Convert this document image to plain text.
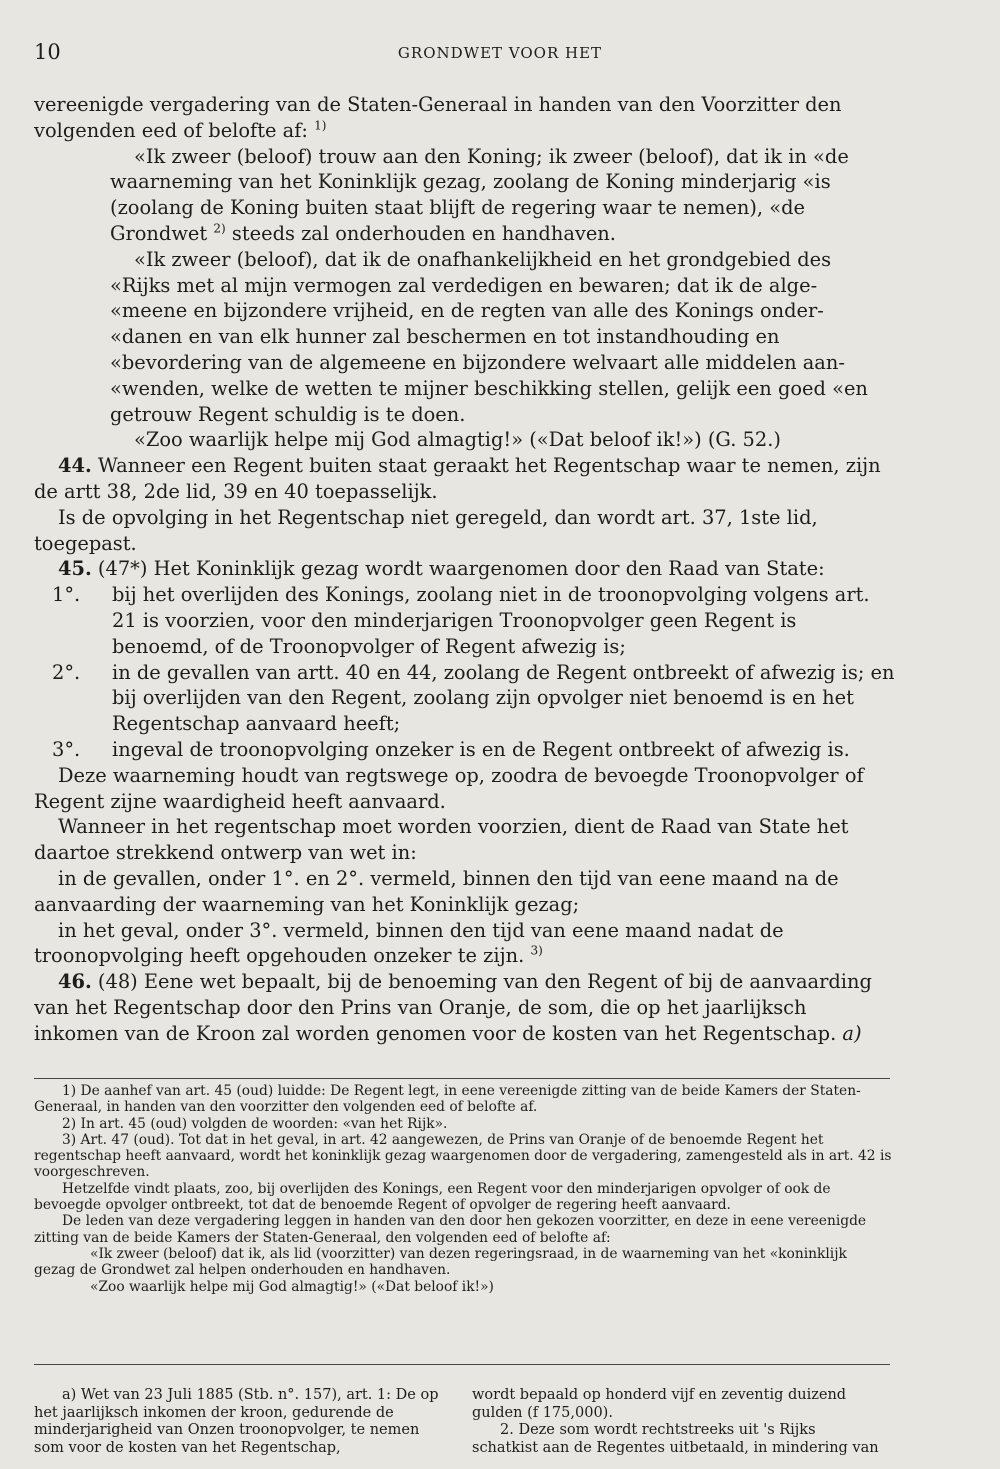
10	GRONDWET VOOR HET

vereenigde vergadering van de Staten-Generaal in handen van den Voorzitter den volgenden eed of belofte af: $^{1)}$

«Ik zweer (beloof) trouw aan den Koning; ik zweer (beloof), dat ik in «de waarneming van het Koninklijk gezag, zoolang de Koning minderjarig «is (zoolang de Koning buiten staat blijft de regering waar te nemen), «de Grondwet $^{2)}$ steeds zal onderhouden en handhaven.

«Ik zweer (beloof), dat ik de onafhankelijkheid en het grondgebied des «Rijks met al mijn vermogen zal verdedigen en bewaren; dat ik de alge- «meene en bijzondere vrijheid, en de regten van alle des Konings onder- «danen en van elk hunner zal beschermen en tot instandhouding en «bevordering van de algemeene en bijzondere welvaart alle middelen aan- «wenden, welke de wetten te mijner beschikking stellen, gelijk een goed «en getrouw Regent schuldig is te doen.

«Zoo waarlijk helpe mij God almagtig!» («Dat beloof ik!») (G. 52.)

44. Wanneer een Regent buiten staat geraakt het Regentschap waar te nemen, zijn de artt 38, 2de lid, 39 en 40 toepasselijk.

Is de opvolging in het Regentschap niet geregeld, dan wordt art. 37, 1ste lid, toegepast.

45. (47*) Het Koninklijk gezag wordt waargenomen door den Raad van State:

1°. bij het overlijden des Konings, zoolang niet in de troonopvolging volgens art. 21 is voorzien, voor den minderjarigen Troonopvolger geen Regent is benoemd, of de Troonopvolger of Regent afwezig is;

2°. in de gevallen van artt. 40 en 44, zoolang de Regent ontbreekt of afwezig is; en bij overlijden van den Regent, zoolang zijn opvolger niet benoemd is en het Regentschap aanvaard heeft;

3°. ingeval de troonopvolging onzeker is en de Regent ontbreekt of afwezig is.

Deze waarneming houdt van regtswege op, zoodra de bevoegde Troonopvolger of Regent zijne waardigheid heeft aanvaard.

Wanneer in het regentschap moet worden voorzien, dient de Raad van State het daartoe strekkend ontwerp van wet in:

in de gevallen, onder 1°. en 2°. vermeld, binnen den tijd van eene maand na de aanvaarding der waarneming van het Koninklijk gezag;

in het geval, onder 3°. vermeld, binnen den tijd van eene maand nadat de troonopvolging heeft opgehouden onzeker te zijn. $^{3)}$

46. (48) Eene wet bepaalt, bij de benoeming van den Regent of bij de aanvaarding van het Regentschap door den Prins van Oranje, de som, die op het jaarlijksch inkomen van de Kroon zal worden genomen voor de kosten van het Regentschap. a)

1) De aanhef van art. 45 (oud) luidde: De Regent legt, in eene vereenigde zitting van de beide Kamers der Staten-Generaal, in handen van den voorzitter den volgenden eed of belofte af.

2) In art. 45 (oud) volgden de woorden: «van het Rijk».

3) Art. 47 (oud). Tot dat in het geval, in art. 42 aangewezen, de Prins van Oranje of de benoemde Regent het regentschap heeft aanvaard, wordt het koninklijk gezag waargenomen door de vergadering, zamengesteld als in art. 42 is voorgeschreven.

Hetzelfde vindt plaats, zoo, bij overlijden des Konings, een Regent voor den minderjarigen opvolger of ook de bevoegde opvolger ontbreekt, tot dat de benoemde Regent of opvolger de regering heeft aanvaard.

De leden van deze vergadering leggen in handen van den door hen gekozen voorzitter, en deze in eene vereenigde zitting van de beide Kamers der Staten-Generaal, den volgenden eed of belofte af:

«Ik zweer (beloof) dat ik, als lid (voorzitter) van dezen regeringsraad, in de waarneming van het «koninklijk gezag de Grondwet zal helpen onderhouden en handhaven.

«Zoo waarlijk helpe mij God almagtig!» («Dat beloof ik!»)

a) Wet van 23 Juli 1885 (Stb. n°. 157), art. 1: De op het jaarlijksch inkomen der kroon, gedurende de minderjarigheid van Onzen troonopvolger, te nemen som voor de kosten van het Regentschap,

wordt bepaald op honderd vijf en zeventig duizend gulden (f 175,000).

2. Deze som wordt rechtstreeks uit 's Rijks schatkist aan de Regentes uitbetaald, in mindering van
